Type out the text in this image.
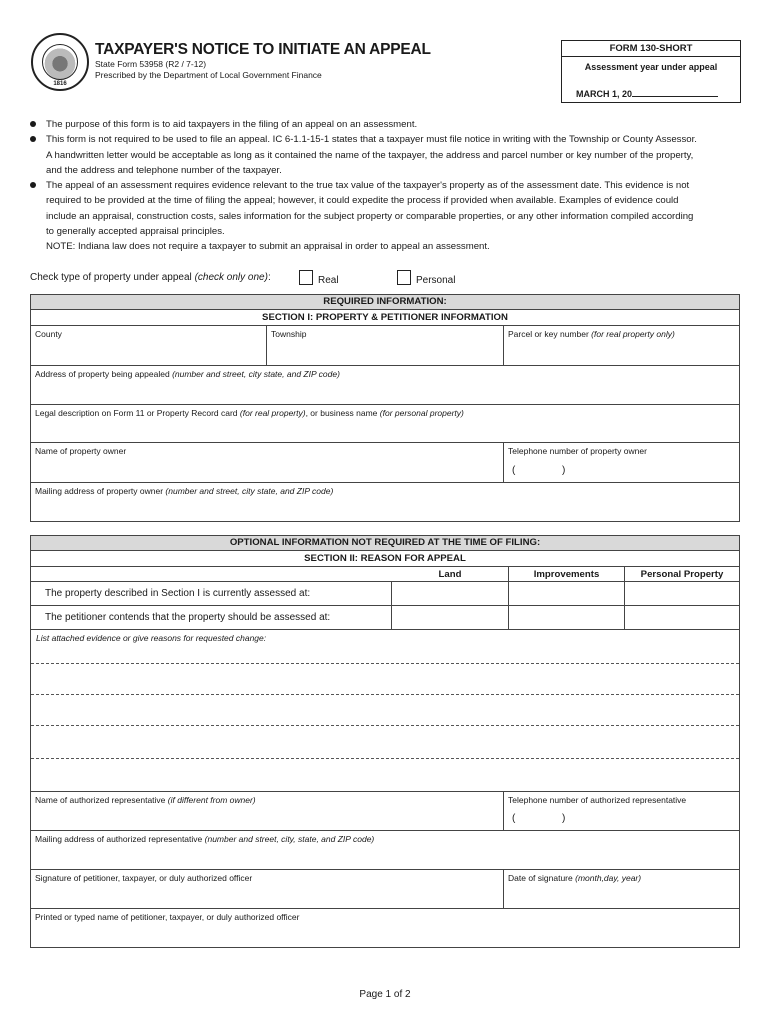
1816
TAXPAYER'S NOTICE TO INITIATE AN APPEAL
State Form 53958 (R2 / 7-12)
Prescribed by the Department of Local Government Finance
FORM 130-SHORT
Assessment year under appeal
MARCH 1, 20
The purpose of this form is to aid taxpayers in the filing of an appeal on an assessment.
This form is not required to be used to file an appeal. IC 6-1.1-15-1 states that a taxpayer must file notice in writing with the Township or County Assessor.
A handwritten letter would be acceptable as long as it contained the name of the taxpayer, the address and parcel number or key number of the property,
and the address and telephone number of the taxpayer.
The appeal of an assessment requires evidence relevant to the true tax value of the taxpayer's property as of the assessment date. This evidence is not
required to be provided at the time of filing the appeal; however, it could expedite the process if provided when available. Examples of evidence could
include an appraisal, construction costs, sales information for the subject property or comparable properties, or any other information compiled according
to generally accepted appraisal principles.
NOTE: Indiana law does not require a taxpayer to submit an appraisal in order to appeal an assessment.
Check type of property under appeal (check only one):	Real	Personal
REQUIRED INFORMATION:
SECTION I: PROPERTY & PETITIONER INFORMATION
County	Township	Parcel or key number (for real property only)
Address of property being appealed (number and street, city state, and ZIP code)
Legal description on Form 11 or Property Record card (for real property), or business name (for personal property)
Name of property owner	Telephone number of property owner
(	)
Mailing address of property owner (number and street, city state, and ZIP code)
OPTIONAL INFORMATION NOT REQUIRED AT THE TIME OF FILING:
SECTION II: REASON FOR APPEAL
Land	Improvements	Personal Property
The property described in Section I is currently assessed at:
The petitioner contends that the property should be assessed at:
List attached evidence or give reasons for requested change:
Name of authorized representative (if different from owner)	Telephone number of authorized representative
(	)
Mailing address of authorized representative (number and street, city, state, and ZIP code)
Signature of petitioner, taxpayer, or duly authorized officer	Date of signature (month,day, year)
Printed or typed name of petitioner, taxpayer, or duly authorized officer
Page 1 of 2
